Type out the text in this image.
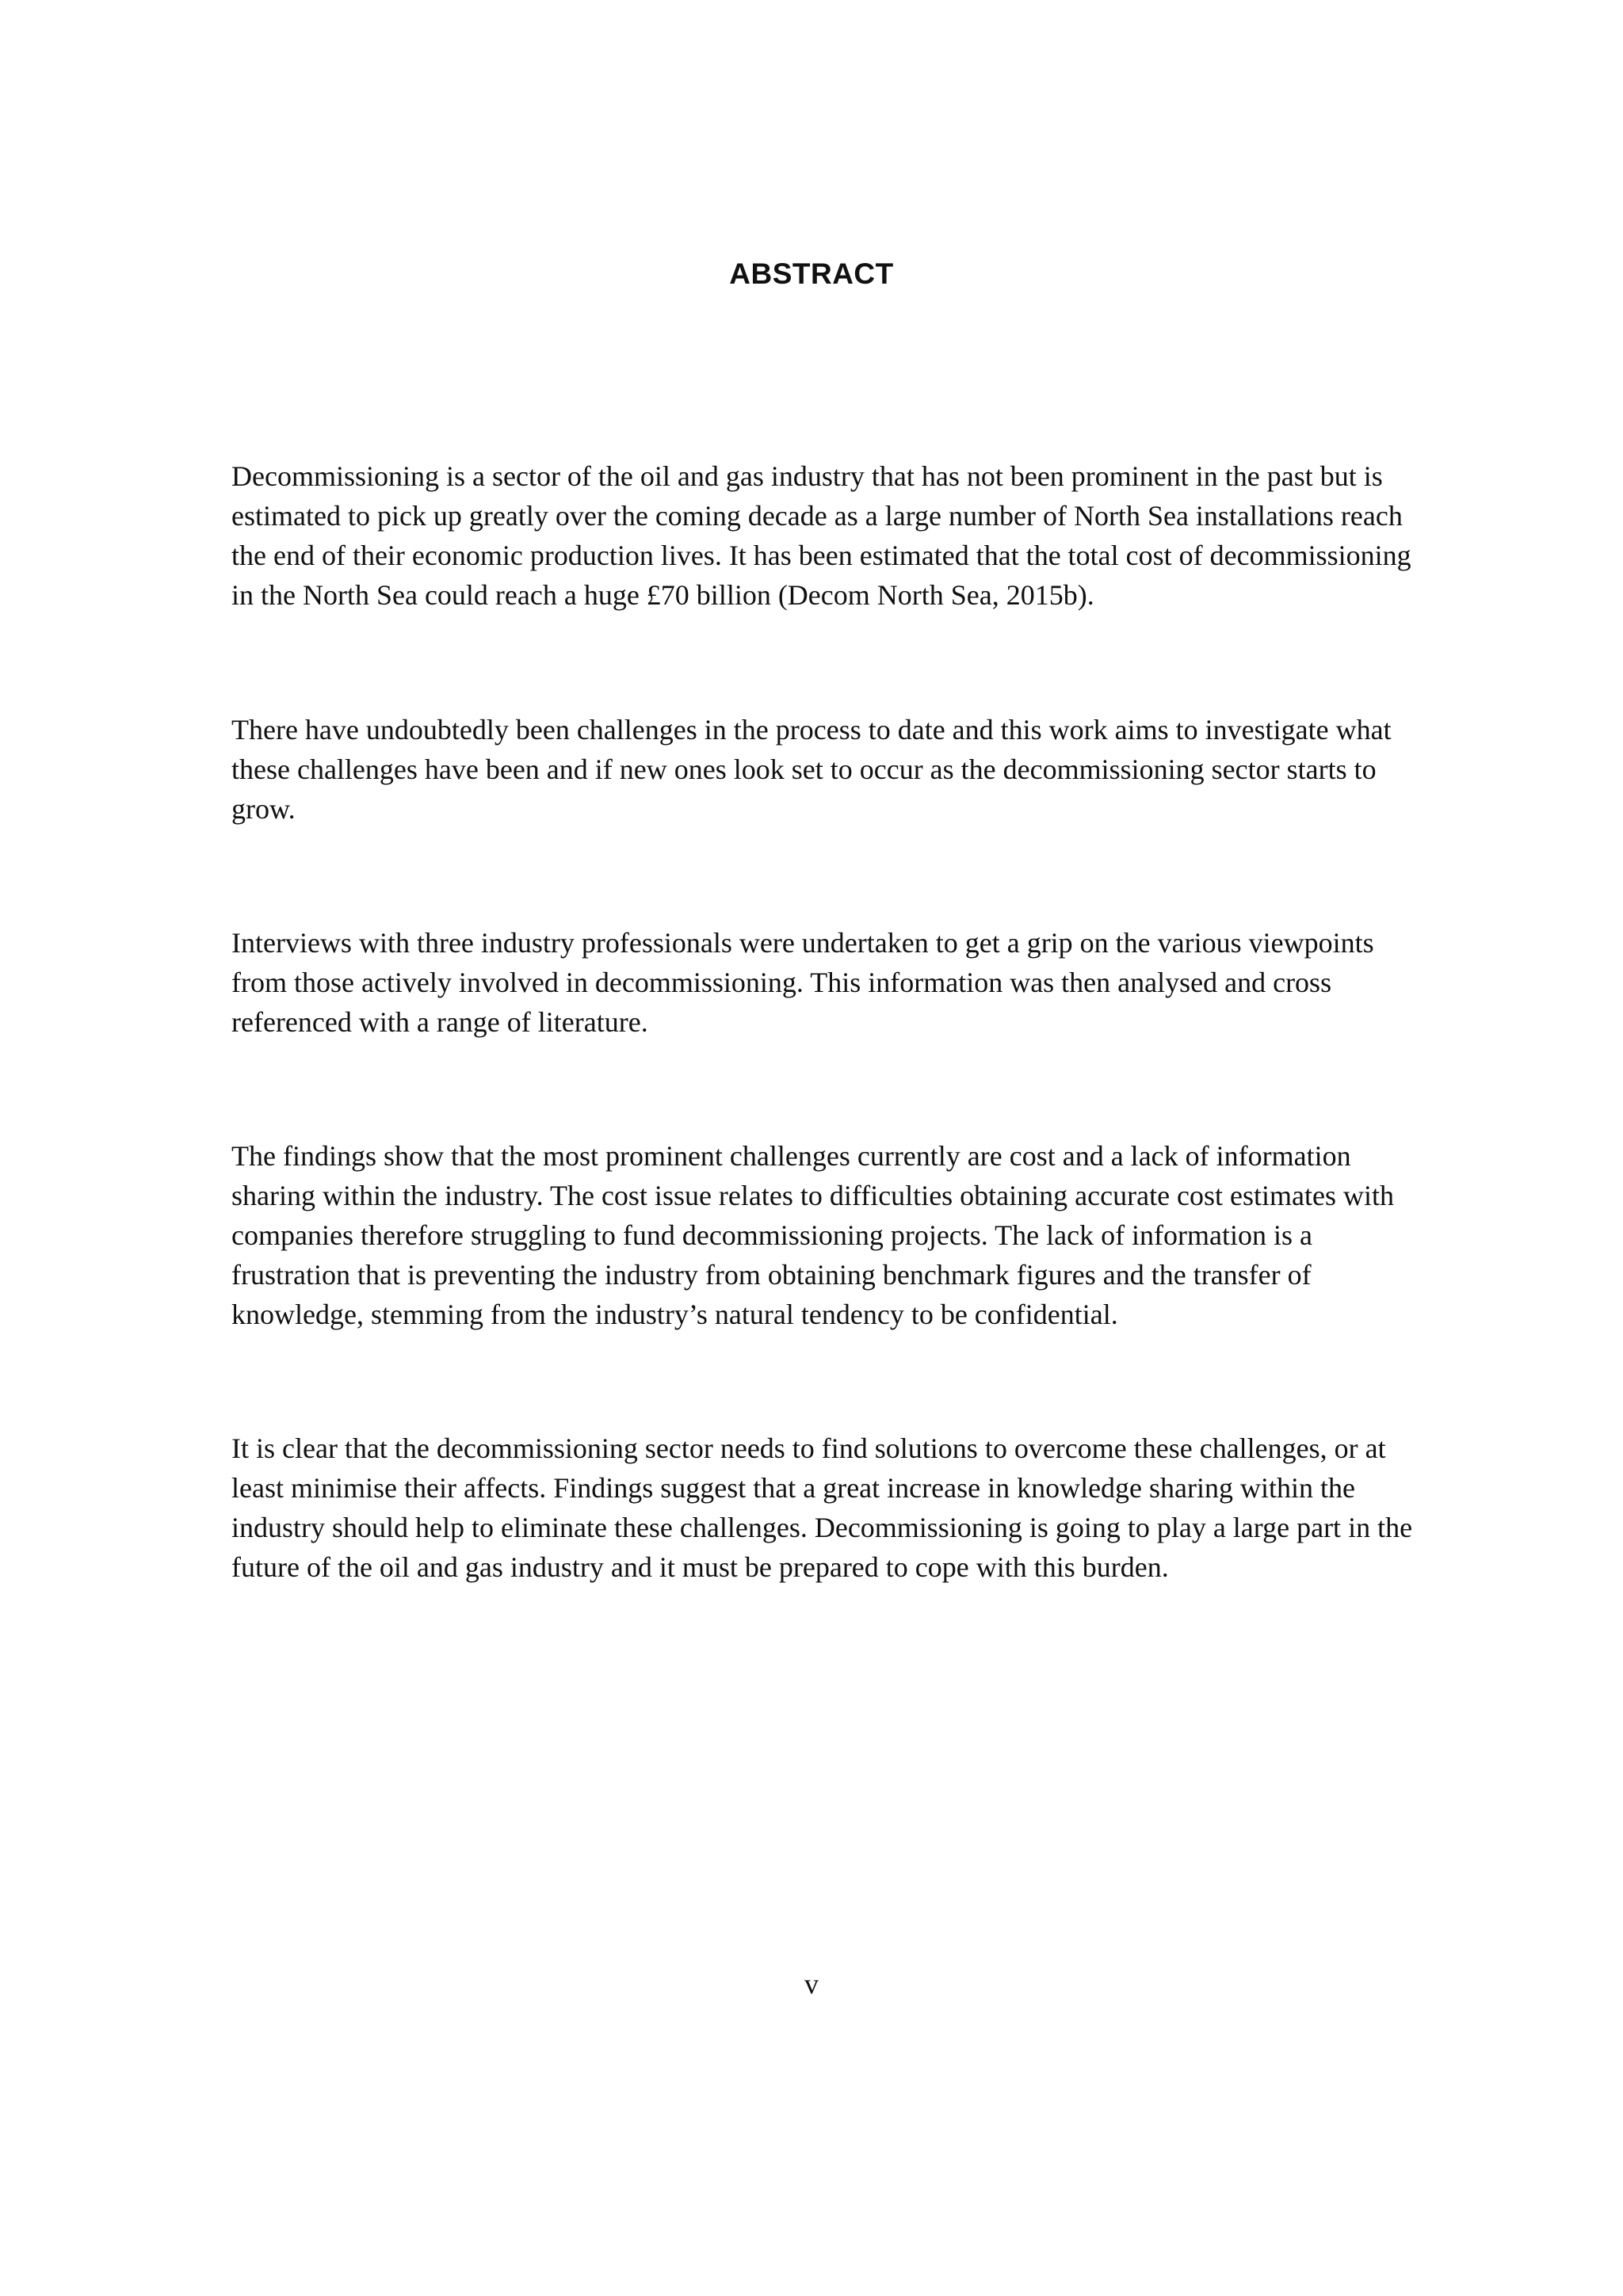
ABSTRACT

Decommissioning is a sector of the oil and gas industry that has not been prominent in the past but is estimated to pick up greatly over the coming decade as a large number of North Sea installations reach the end of their economic production lives. It has been estimated that the total cost of decommissioning in the North Sea could reach a huge £70 billion (Decom North Sea, 2015b).

There have undoubtedly been challenges in the process to date and this work aims to investigate what these challenges have been and if new ones look set to occur as the decommissioning sector starts to grow.

Interviews with three industry professionals were undertaken to get a grip on the various viewpoints from those actively involved in decommissioning. This information was then analysed and cross referenced with a range of literature.

The findings show that the most prominent challenges currently are cost and a lack of information sharing within the industry. The cost issue relates to difficulties obtaining accurate cost estimates with companies therefore struggling to fund decommissioning projects. The lack of information is a frustration that is preventing the industry from obtaining benchmark figures and the transfer of knowledge, stemming from the industry’s natural tendency to be confidential.

It is clear that the decommissioning sector needs to find solutions to overcome these challenges, or at least minimise their affects. Findings suggest that a great increase in knowledge sharing within the industry should help to eliminate these challenges. Decommissioning is going to play a large part in the future of the oil and gas industry and it must be prepared to cope with this burden.

v
